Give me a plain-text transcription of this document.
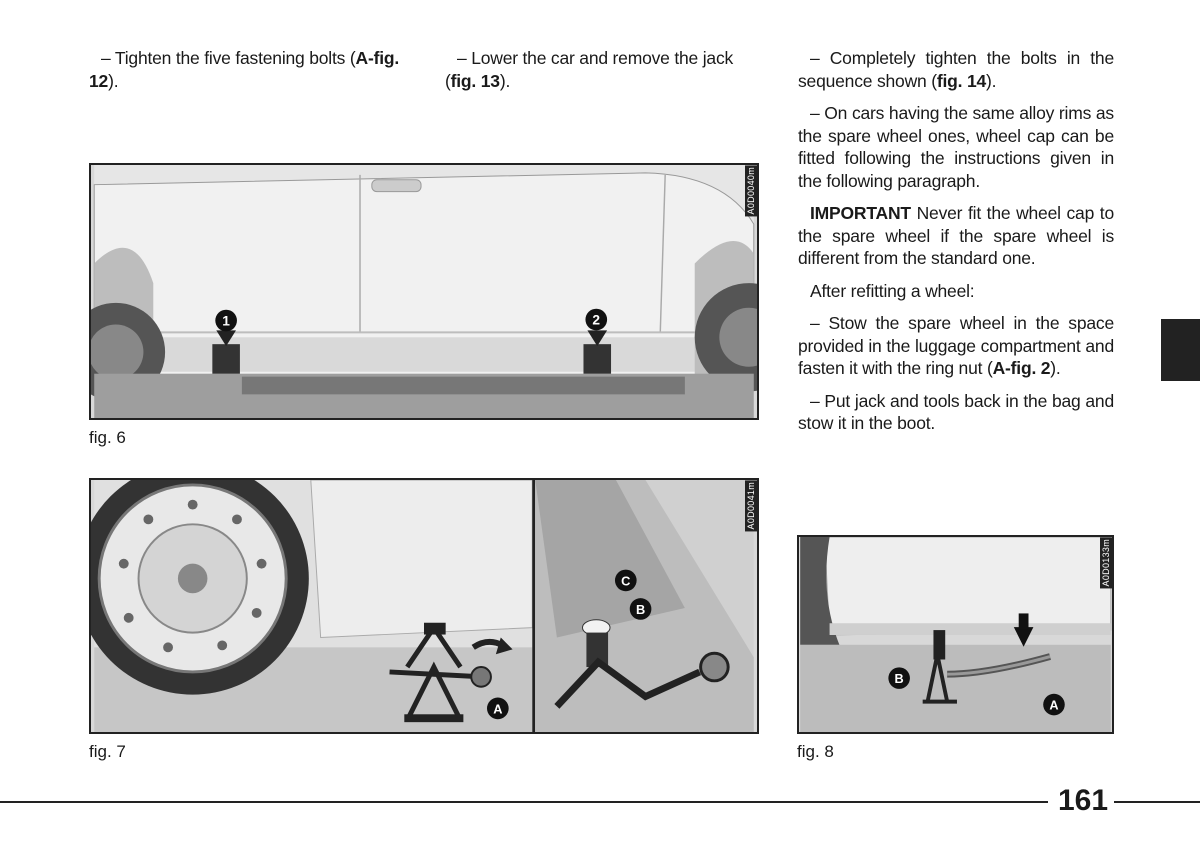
– Tighten the five fastening bolts (A-fig. 12).

– Lower the car and remove the jack (fig. 13).

– Completely tighten the bolts in the sequence shown (fig. 14).

– On cars having the same alloy rims as the spare wheel ones, wheel cap can be fitted following the instructions given in the following paragraph.

IMPORTANT Never fit the wheel cap to the spare wheel if the spare wheel is different from the standard one.

After refitting a wheel:

– Stow the spare wheel in the space provided in the luggage compartment and fasten it with the ring nut (A-fig. 2).

– Put jack and tools back in the bag and stow it in the boot.

1	2
A0D0040m
fig. 6
A
C
B
A0D0041m
fig. 7
B
A
A0D0133m
fig. 8
161
